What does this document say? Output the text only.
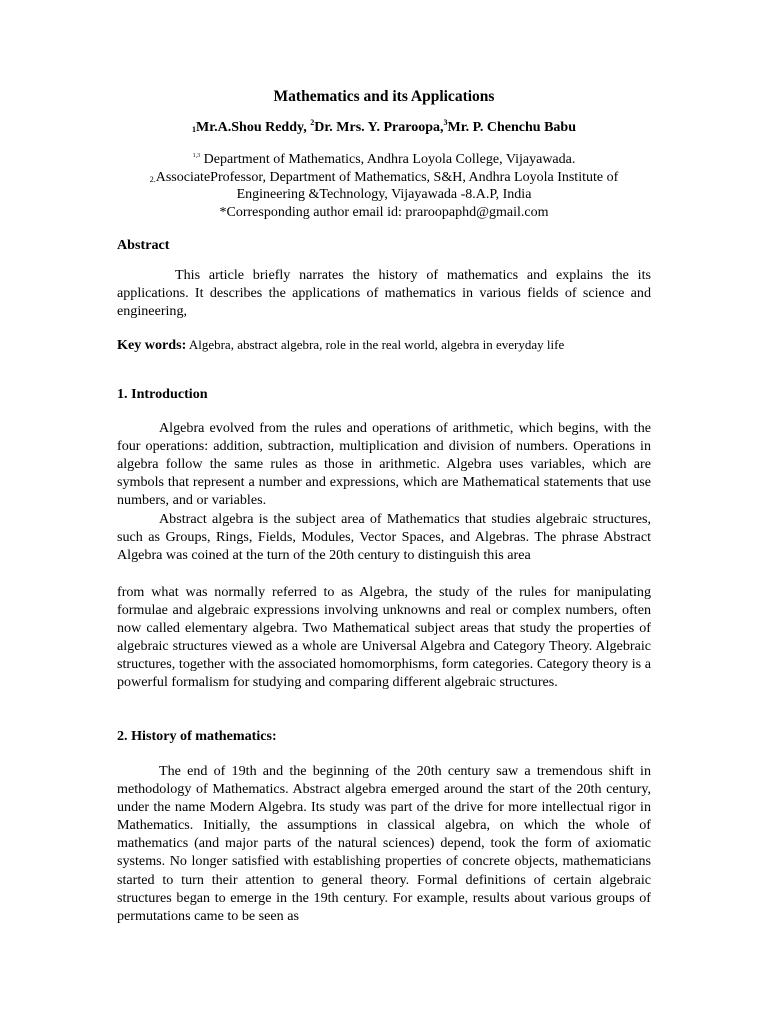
Mathematics and its Applications
$_1$Mr.A.Shou Reddy, $^2$Dr. Mrs. Y. Praroopa,$^3$Mr. P. Chenchu Babu
$^{1,3}$ Department of Mathematics, Andhra Loyola College, Vijayawada.
$_{2.}$AssociateProfessor, Department of Mathematics, S&H, Andhra Loyola Institute of
Engineering &Technology, Vijayawada -8.A.P, India
*Corresponding author email id: praroopaphd@gmail.com
Abstract
This article briefly narrates the history of mathematics and explains the its applications. It describes the applications of mathematics in various fields of science and engineering,
Key words: Algebra, abstract algebra, role in the real world, algebra in everyday life
1. Introduction
Algebra evolved from the rules and operations of arithmetic, which begins, with the four operations: addition, subtraction, multiplication and division of numbers. Operations in algebra follow the same rules as those in arithmetic. Algebra uses variables, which are symbols that represent a number and expressions, which are Mathematical statements that use numbers, and or variables.
Abstract algebra is the subject area of Mathematics that studies algebraic structures, such as Groups, Rings, Fields, Modules, Vector Spaces, and Algebras. The phrase Abstract Algebra was coined at the turn of the 20th century to distinguish this area
from what was normally referred to as Algebra, the study of the rules for manipulating formulae and algebraic expressions involving unknowns and real or complex numbers, often now called elementary algebra. Two Mathematical subject areas that study the properties of algebraic structures viewed as a whole are Universal Algebra and Category Theory. Algebraic structures, together with the associated homomorphisms, form categories. Category theory is a powerful formalism for studying and comparing different algebraic structures.
2. History of mathematics:
The end of 19th and the beginning of the 20th century saw a tremendous shift in methodology of Mathematics. Abstract algebra emerged around the start of the 20th century, under the name Modern Algebra. Its study was part of the drive for more intellectual rigor in Mathematics. Initially, the assumptions in classical algebra, on which the whole of mathematics (and major parts of the natural sciences) depend, took the form of axiomatic systems. No longer satisfied with establishing properties of concrete objects, mathematicians started to turn their attention to general theory. Formal definitions of certain algebraic structures began to emerge in the 19th century. For example, results about various groups of permutations came to be seen as
